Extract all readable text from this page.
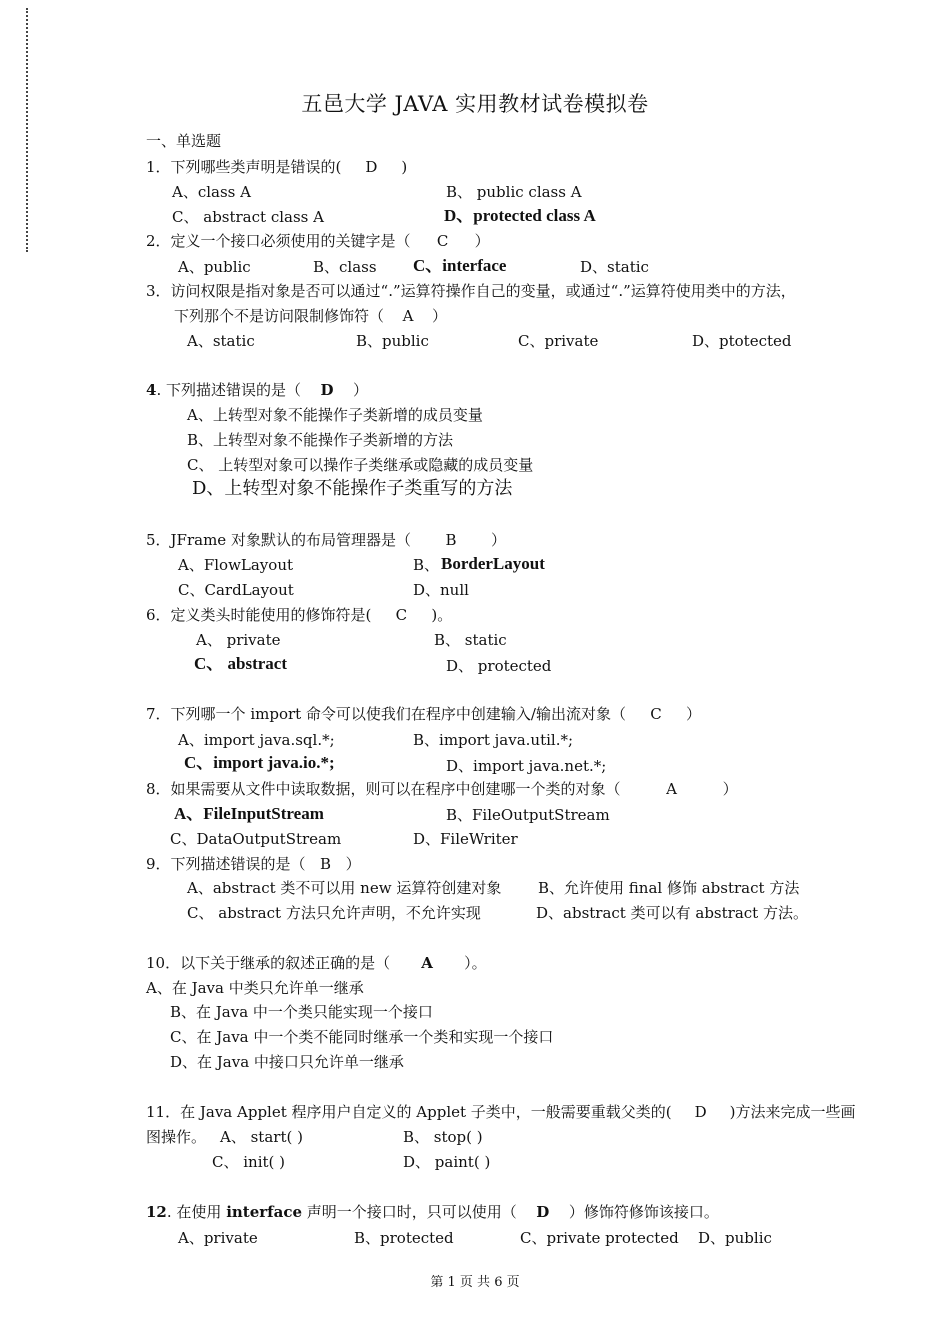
五邑大学 JAVA 实用教材试卷模拟卷
一、单选题
1．下列哪些类声明是错误的( D )
A、class A	B、 public class A
C、 abstract class A	D、protected class A
2．定义一个接口必须使用的关键字是（ C ）
A、public	B、class C、interface	D、static
3．访问权限是指对象是否可以通过“.”运算符操作自己的变量，或通过“.”运算符使用类中的方法，
下列那个不是访问限制修饰符（ A ）
A、static	B、public	C、private	D、ptotected
4. 下列描述错误的是（ D ）
A、上转型对象不能操作子类新增的成员变量
B、上转型对象不能操作子类新增的方法
C、 上转型对象可以操作子类继承或隐藏的成员变量
D、上转型对象不能操作子类重写的方法
5．JFrame 对象默认的布局管理器是（ B ）
A、FlowLayout	B、 BorderLayout
C、CardLayout	D、null
6．定义类头时能使用的修饰符是( C )。
A、 private	B、 static
C、 abstract	D、 protected
7．下列哪一个 import 命令可以使我们在程序中创建输入/输出流对象（ C ）
A、import java.sql.*;	B、import java.util.*;
C、import java.io.*;	D、import java.net.*;
8．如果需要从文件中读取数据，则可以在程序中创建哪一个类的对象（	A	）
A、FileInputStream	B、FileOutputStream
C、DataOutputStream	D、FileWriter
9．下列描述错误的是（ B ）
A、abstract 类不可以用 new 运算符创建对象 B、允许使用 final 修饰 abstract 方法
C、 abstract 方法只允许声明，不允许实现	D、abstract 类可以有 abstract 方法。
10．以下关于继承的叙述正确的是（ A ）。
A、在 Java 中类只允许单一继承
B、在 Java 中一个类只能实现一个接口
C、在 Java 中一个类不能同时继承一个类和实现一个接口
D、在 Java 中接口只允许单一继承
11．在 Java Applet 程序用户自定义的 Applet 子类中，一般需要重载父类的( D )方法来完成一些画
图操作。 A、 start( )	B、 stop( )
C、 init( )	D、 paint( )
12. 在使用 interface 声明一个接口时，只可以使用（ D ）修饰符修饰该接口。
A、private	B、protected	C、private protected D、public
第 1 页 共 6 页
